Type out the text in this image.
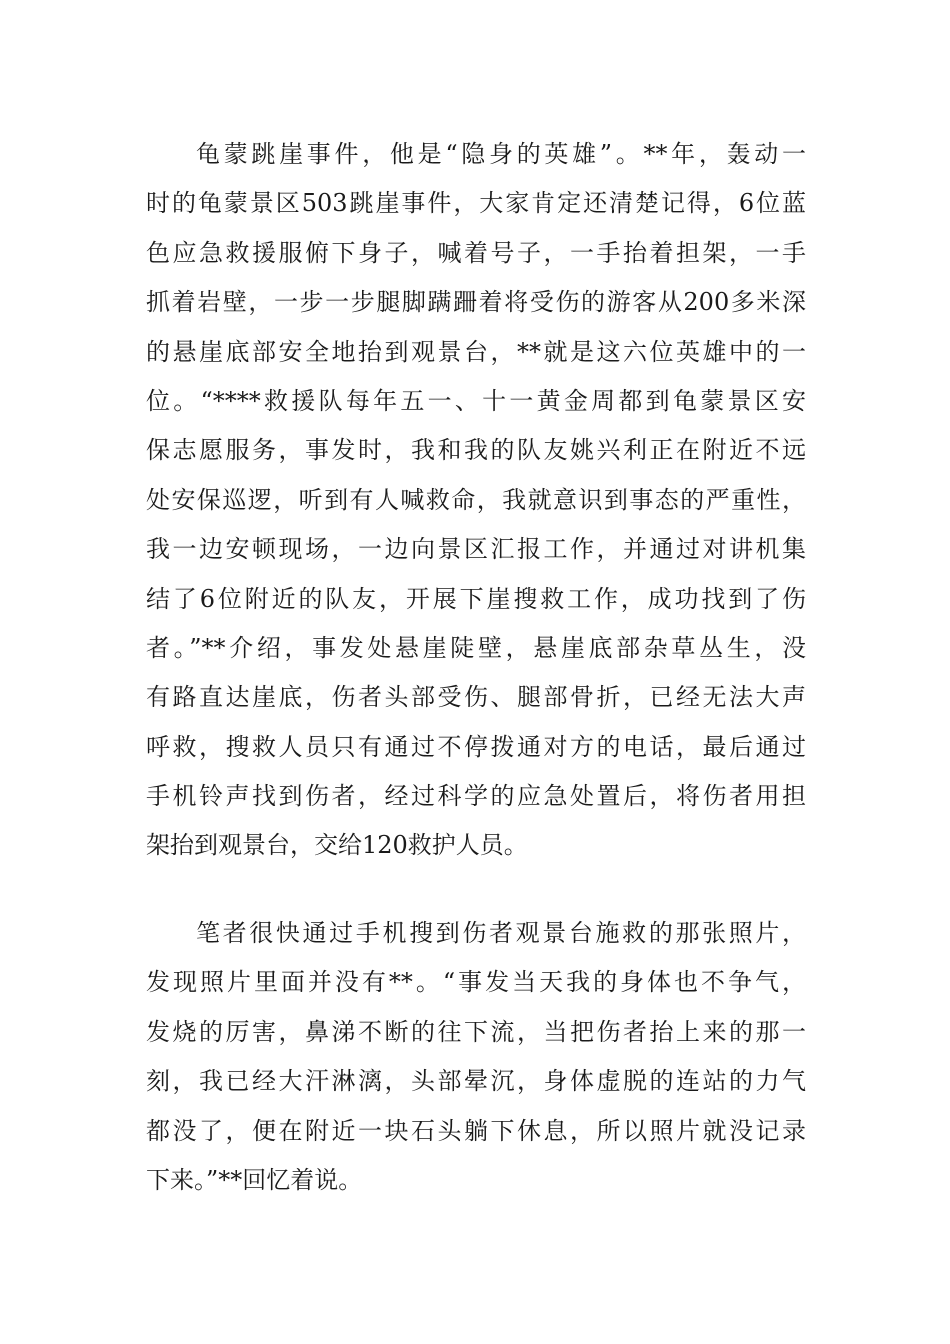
龟蒙跳崖事件，他是“隐身的英雄”。**年，轰动一
时的龟蒙景区503跳崖事件，大家肯定还清楚记得，6位蓝
色应急救援服俯下身子，喊着号子，一手抬着担架，一手
抓着岩壁，一步一步腿脚蹒跚着将受伤的游客从200多米深
的悬崖底部安全地抬到观景台，**就是这六位英雄中的一
位。“****救援队每年五一、十一黄金周都到龟蒙景区安
保志愿服务，事发时，我和我的队友姚兴利正在附近不远
处安保巡逻，听到有人喊救命，我就意识到事态的严重性，
我一边安顿现场，一边向景区汇报工作，并通过对讲机集
结了6位附近的队友，开展下崖搜救工作，成功找到了伤
者。”**介绍，事发处悬崖陡壁，悬崖底部杂草丛生，没
有路直达崖底，伤者头部受伤、腿部骨折，已经无法大声
呼救，搜救人员只有通过不停拨通对方的电话，最后通过
手机铃声找到伤者，经过科学的应急处置后，将伤者用担
架抬到观景台，交给120救护人员。
笔者很快通过手机搜到伤者观景台施救的那张照片，
发现照片里面并没有**。“事发当天我的身体也不争气，
发烧的厉害，鼻涕不断的往下流，当把伤者抬上来的那一
刻，我已经大汗淋漓，头部晕沉，身体虚脱的连站的力气
都没了，便在附近一块石头躺下休息，所以照片就没记录
下来。”**回忆着说。
